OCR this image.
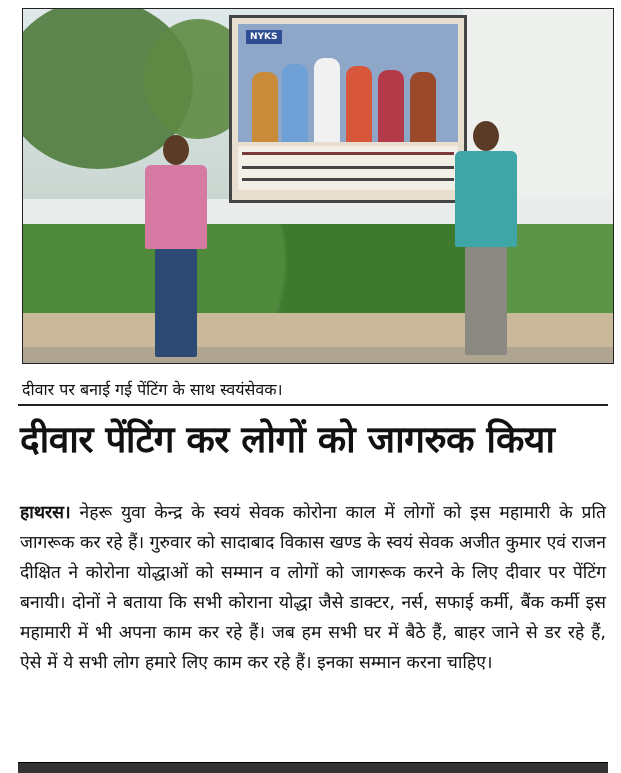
NYKS
दीवार पर बनाई गई पेंटिंग के साथ स्वयंसेवक।
दीवार पेंटिंग कर लोगों को जागरुक किया
हाथरस। नेहरू युवा केन्द्र के स्वयं सेवक कोरोना काल में लोगों को इस महामारी के प्रति जागरूक कर रहे हैं। गुरुवार को सादाबाद विकास खण्ड के स्वयं सेवक अजीत कुमार एवं राजन दीक्षित ने कोरोना योद्धाओं को सम्मान व लोगों को जागरूक करने के लिए दीवार पर पेंटिंग बनायी। दोनों ने बताया कि सभी कोराना योद्धा जैसे डाक्टर, नर्स, सफाई कर्मी, बैंक कर्मी इस महामारी में भी अपना काम कर रहे हैं। जब हम सभी घर में बैठे हैं, बाहर जाने से डर रहे हैं, ऐसे में ये सभी लोग हमारे लिए काम कर रहे हैं। इनका सम्मान करना चाहिए।
